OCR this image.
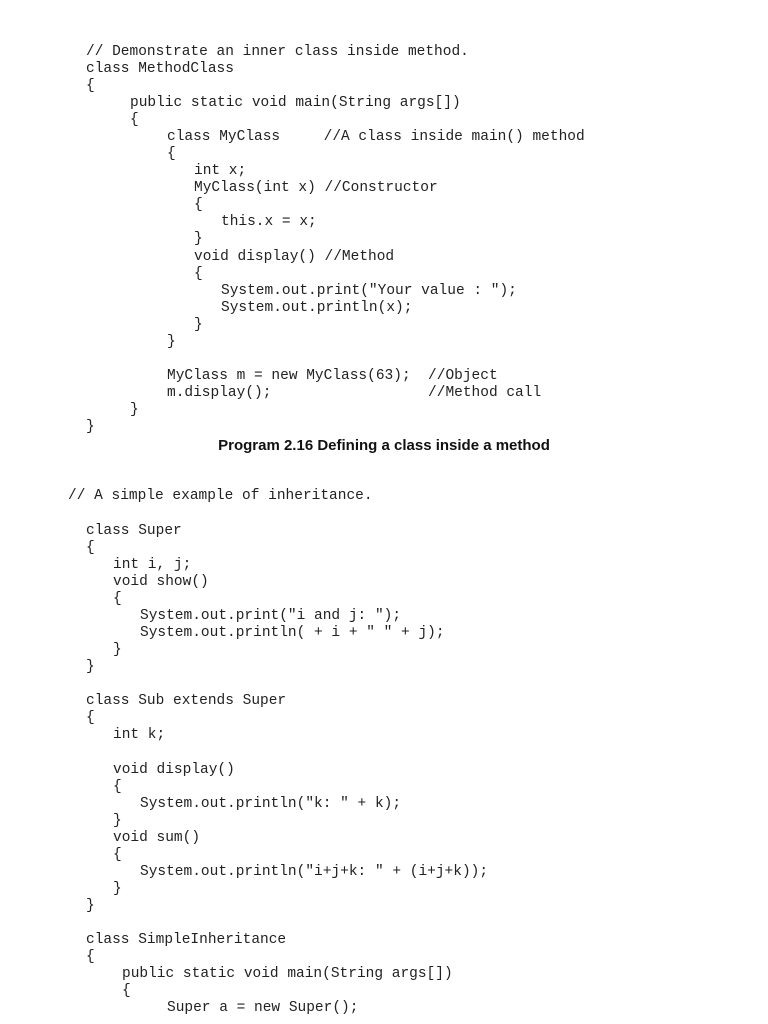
// Demonstrate an inner class inside method.
class MethodClass
{
public static void main(String args[])
{
class MyClass     //A class inside main() method
{
int x;
MyClass(int x) //Constructor
{
this.x = x;
}
void display() //Method
{
System.out.print("Your value : ");
System.out.println(x);
}
}
MyClass m = new MyClass(63);  //Object
m.display();                  //Method call
}
}
Program 2.16 Defining a class inside a method
// A simple example of inheritance.
class Super
{
int i, j;
void show()
{
System.out.print("i and j: ");
System.out.println( + i + " " + j);
}
}
class Sub extends Super
{
int k;
void display()
{
System.out.println("k: " + k);
}
void sum()
{
System.out.println("i+j+k: " + (i+j+k));
}
}
class SimpleInheritance
{
public static void main(String args[])
{
Super a = new Super();
